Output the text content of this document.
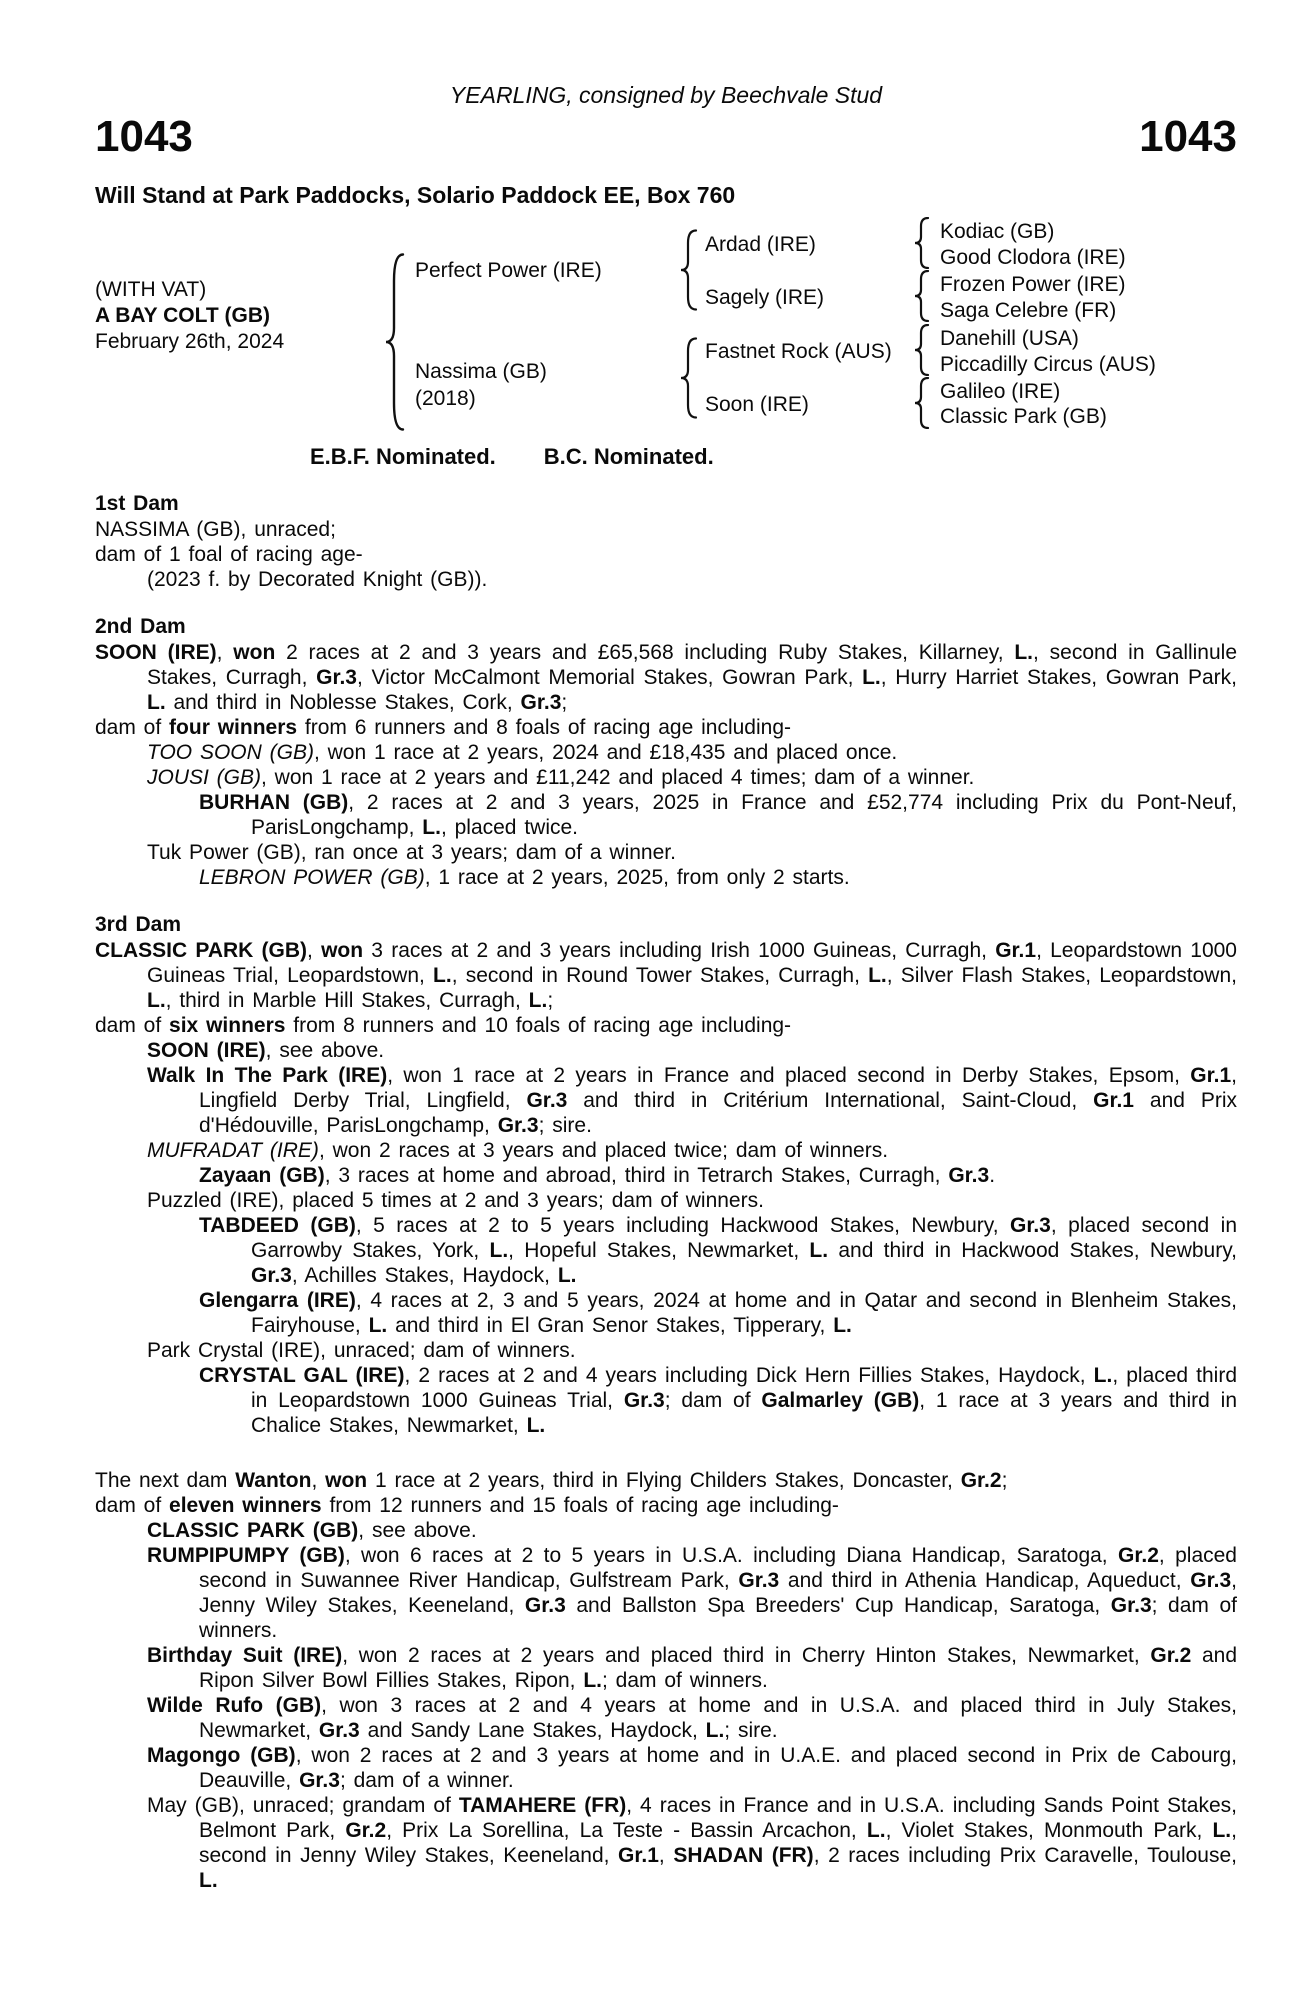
YEARLING, consigned by Beechvale Stud
1043	1043
Will Stand at Park Paddocks, Solario Paddock EE, Box 760
(WITH VAT)
A BAY COLT (GB)
February 26th, 2024
Perfect Power (IRE)
Nassima (GB)
(2018)
Ardad (IRE)
Sagely (IRE)
Fastnet Rock (AUS)
Soon (IRE)
Kodiac (GB)
Good Clodora (IRE)
Frozen Power (IRE)
Saga Celebre (FR)
Danehill (USA)
Piccadilly Circus (AUS)
Galileo (IRE)
Classic Park (GB)
E.B.F. Nominated. B.C. Nominated.
1st Dam

NASSIMA (GB), unraced;

dam of 1 foal of racing age-

(2023 f. by Decorated Knight (GB)).

2nd Dam

SOON (IRE), won 2 races at 2 and 3 years and £65,568 including Ruby Stakes, Killarney, L., second in Gallinule Stakes, Curragh, Gr.3, Victor McCalmont Memorial Stakes, Gowran Park, L., Hurry Harriet Stakes, Gowran Park, L. and third in Noblesse Stakes, Cork, Gr.3;

dam of four winners from 6 runners and 8 foals of racing age including-

TOO SOON (GB), won 1 race at 2 years, 2024 and £18,435 and placed once.

JOUSI (GB), won 1 race at 2 years and £11,242 and placed 4 times; dam of a winner.

BURHAN (GB), 2 races at 2 and 3 years, 2025 in France and £52,774 including Prix du Pont-Neuf, ParisLongchamp, L., placed twice.

Tuk Power (GB), ran once at 3 years; dam of a winner.

LEBRON POWER (GB), 1 race at 2 years, 2025, from only 2 starts.

3rd Dam

CLASSIC PARK (GB), won 3 races at 2 and 3 years including Irish 1000 Guineas, Curragh, Gr.1, Leopardstown 1000 Guineas Trial, Leopardstown, L., second in Round Tower Stakes, Curragh, L., Silver Flash Stakes, Leopardstown, L., third in Marble Hill Stakes, Curragh, L.;

dam of six winners from 8 runners and 10 foals of racing age including-

SOON (IRE), see above.

Walk In The Park (IRE), won 1 race at 2 years in France and placed second in Derby Stakes, Epsom, Gr.1, Lingfield Derby Trial, Lingfield, Gr.3 and third in Critérium International, Saint-Cloud, Gr.1 and Prix d'Hédouville, ParisLongchamp, Gr.3; sire.

MUFRADAT (IRE), won 2 races at 3 years and placed twice; dam of winners.

Zayaan (GB), 3 races at home and abroad, third in Tetrarch Stakes, Curragh, Gr.3.

Puzzled (IRE), placed 5 times at 2 and 3 years; dam of winners.

TABDEED (GB), 5 races at 2 to 5 years including Hackwood Stakes, Newbury, Gr.3, placed second in Garrowby Stakes, York, L., Hopeful Stakes, Newmarket, L. and third in Hackwood Stakes, Newbury, Gr.3, Achilles Stakes, Haydock, L.

Glengarra (IRE), 4 races at 2, 3 and 5 years, 2024 at home and in Qatar and second in Blenheim Stakes, Fairyhouse, L. and third in El Gran Senor Stakes, Tipperary, L.

Park Crystal (IRE), unraced; dam of winners.

CRYSTAL GAL (IRE), 2 races at 2 and 4 years including Dick Hern Fillies Stakes, Haydock, L., placed third in Leopardstown 1000 Guineas Trial, Gr.3; dam of Galmarley (GB), 1 race at 3 years and third in Chalice Stakes, Newmarket, L.

The next dam Wanton, won 1 race at 2 years, third in Flying Childers Stakes, Doncaster, Gr.2;

dam of eleven winners from 12 runners and 15 foals of racing age including-

CLASSIC PARK (GB), see above.

RUMPIPUMPY (GB), won 6 races at 2 to 5 years in U.S.A. including Diana Handicap, Saratoga, Gr.2, placed second in Suwannee River Handicap, Gulfstream Park, Gr.3 and third in Athenia Handicap, Aqueduct, Gr.3, Jenny Wiley Stakes, Keeneland, Gr.3 and Ballston Spa Breeders' Cup Handicap, Saratoga, Gr.3; dam of winners.

Birthday Suit (IRE), won 2 races at 2 years and placed third in Cherry Hinton Stakes, Newmarket, Gr.2 and Ripon Silver Bowl Fillies Stakes, Ripon, L.; dam of winners.

Wilde Rufo (GB), won 3 races at 2 and 4 years at home and in U.S.A. and placed third in July Stakes, Newmarket, Gr.3 and Sandy Lane Stakes, Haydock, L.; sire.

Magongo (GB), won 2 races at 2 and 3 years at home and in U.A.E. and placed second in Prix de Cabourg, Deauville, Gr.3; dam of a winner.

May (GB), unraced; grandam of TAMAHERE (FR), 4 races in France and in U.S.A. including Sands Point Stakes, Belmont Park, Gr.2, Prix La Sorellina, La Teste - Bassin Arcachon, L., Violet Stakes, Monmouth Park, L., second in Jenny Wiley Stakes, Keeneland, Gr.1, SHADAN (FR), 2 races including Prix Caravelle, Toulouse, L.
